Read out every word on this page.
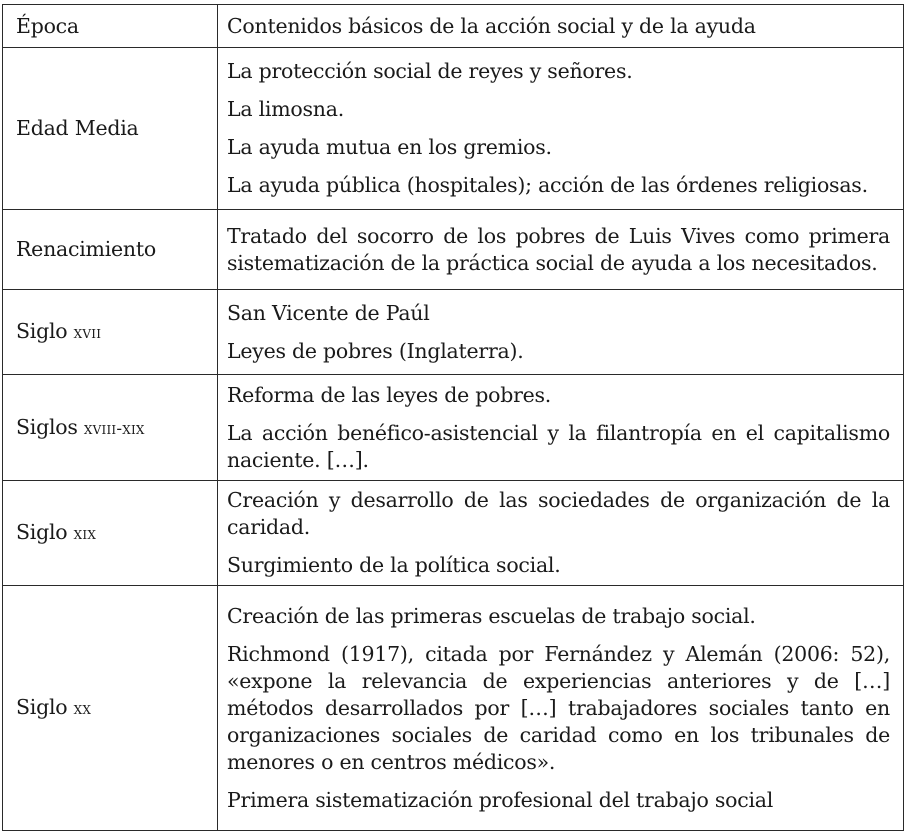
Época	Contenidos básicos de la acción social y de la ayuda
Edad Media	La protección social de reyes y señores.

La limosna.

La ayuda mutua en los gremios.

La ayuda pública (hospitales); acción de las órdenes religiosas.

Renacimiento	Tratado del socorro de los pobres de Luis Vives como primera sistematización de la práctica social de ayuda a los necesitados.

Siglo xvii	San Vicente de Paúl

Leyes de pobres (Inglaterra).

Siglos xviii-xix	Reforma de las leyes de pobres.

La acción benéfico-asistencial y la filantropía en el capitalismo naciente. […].

Siglo xix	Creación y desarrollo de las sociedades de organización de la caridad.

Surgimiento de la política social.

Siglo xx	Creación de las primeras escuelas de trabajo social.

Richmond (1917), citada por Fernández y Alemán (2006: 52), «expone la relevancia de experiencias anteriores y de […] métodos desarrollados por […] trabajadores sociales tanto en organizaciones sociales de caridad como en los tribunales de menores o en centros médicos».

Primera sistematización profesional del trabajo social
